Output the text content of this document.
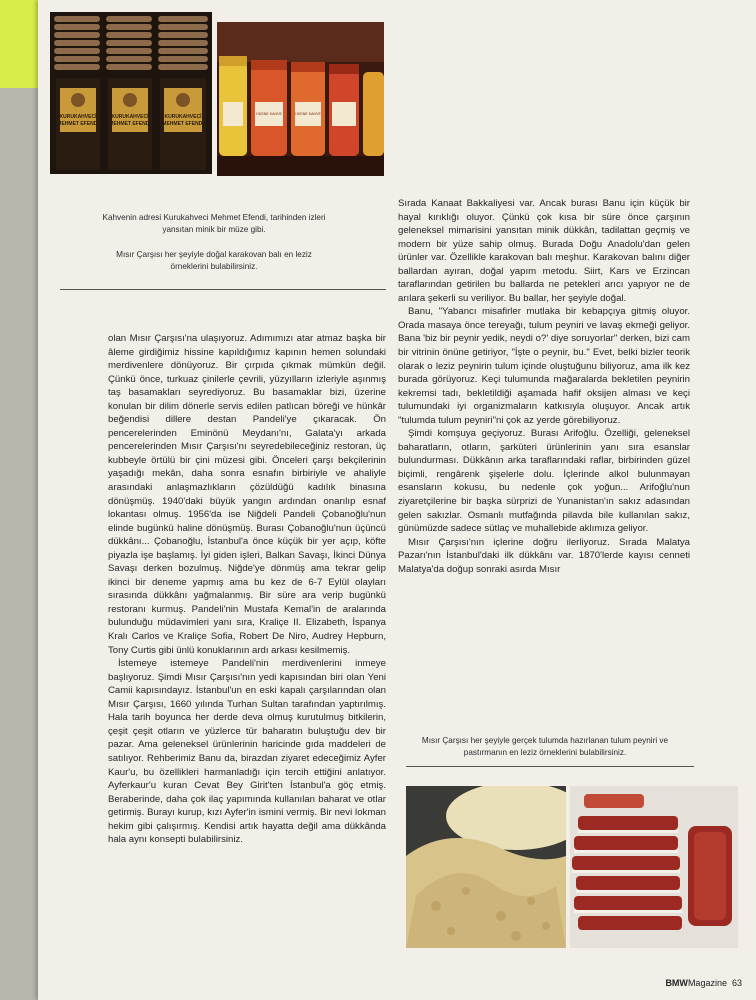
KURUKAHVECİ
MEHMET EFENDİ
KURUKAHVECİ
MEHMET EFENDİ
KURUKAHVECİ
MEHMET EFENDİ
HÜSNE KAHVE	HÜSNE KAHVE
Kahvenin adresi Kurukahveci Mehmet Efendi, tarihinden izleri yansıtan minik bir müze gibi.
Mısır Çarşısı her şeyiyle doğal karakovan balı en leziz örneklerini bulabilirsiniz.

olan Mısır Çarşısı'na ulaşıyoruz. Adımımızı atar atmaz başka bir âleme girdiğimiz hissine kapıldığımız kapının hemen solundaki merdivenlere dönüyoruz. Bir çırpıda çıkmak mümkün değil. Çünkü önce, turkuaz çinilerle çevrili, yüzyılların izleriyle aşınmış taş basamakları seyrediyoruz. Bu basamaklar bizi, üzerine konulan bir dilim dönerle servis edilen patlıcan böreği ve hünkâr beğendisi dillere destan Pandeli'ye çıkaracak. Ön pencerelerinden Eminönü Meydanı'nı, Galata'yı arkada pencerelerinden Mısır Çarşısı'nı seyredebileceğiniz restoran, üç kubbeyle örtülü bir çini müzesi gibi. Önceleri çarşı bekçilerinin yaşadığı mekân, daha sonra esnafın birbiriyle ve ahaliyle arasındaki anlaşmazlıkların çözüldüğü kadılık binasına dönüşmüş. 1940'daki büyük yangın ardından onarılıp esnaf lokantası olmuş. 1956'da ise Niğdeli Pandeli Çobanoğlu'nun elinde bugünkü haline dönüşmüş. Burası Çobanoğlu'nun üçüncü dükkânı... Çobanoğlu, İstanbul'a önce küçük bir yer açıp, köfte piyazla işe başlamış. İyi giden işleri, Balkan Savaşı, İkinci Dünya Savaşı derken bozulmuş. Niğde'ye dönmüş ama tekrar gelip ikinci bir deneme yapmış ama bu kez de 6-7 Eylül olayları sırasında dükkânı yağmalanmış. Bir süre ara verip bugünkü restoranı kurmuş. Pandeli'nin Mustafa Kemal'in de aralarında bulunduğu müdavimleri yanı sıra, Kraliçe II. Elizabeth, İspanya Kralı Carlos ve Kraliçe Sofia, Robert De Niro, Audrey Hepburn, Tony Curtis gibi ünlü konuklarının ardı arkası kesilmemiş.

İstemeye istemeye Pandeli'nin merdivenlerini inmeye başlıyoruz. Şimdi Mısır Çarşısı'nın yedi kapısından biri olan Yeni Camii kapısındayız. İstanbul'un en eski kapalı çarşılarından olan Mısır Çarşısı, 1660 yılında Turhan Sultan tarafından yaptırılmış. Hala tarih boyunca her derde deva olmuş kurutulmuş bitkilerin, çeşit çeşit otların ve yüzlerce tür baharatın buluştuğu dev bir pazar. Ama geleneksel ürünlerinin haricinde gıda maddeleri de satılıyor. Rehberimiz Banu da, birazdan ziyaret edeceğimiz Ayfer Kaur'u, bu özellikleri harmanladığı için tercih ettiğini anlatıyor. Ayferkaur'u kuran Cevat Bey Girit'ten İstanbul'a göç etmiş. Beraberinde, daha çok ilaç yapımında kullanılan baharat ve otlar getirmiş. Burayı kurup, kızı Ayfer'in ismini vermiş. Bir nevi lokman hekim gibi çalışırmış. Kendisi artık hayatta değil ama dükkânda hala aynı konsepti bulabilirsiniz.

Sırada Kanaat Bakkaliyesi var. Ancak burası Banu için küçük bir hayal kırıklığı oluyor. Çünkü çok kısa bir süre önce çarşının geleneksel mimarisini yansıtan minik dükkân, tadilattan geçmiş ve modern bir yüze sahip olmuş. Burada Doğu Anadolu'dan gelen ürünler var. Özellikle karakovan balı meşhur. Karakovan balını diğer ballardan ayıran, doğal yapım metodu. Siirt, Kars ve Erzincan taraflarından getirilen bu ballarda ne petekleri arıcı yapıyor ne de arılara şekerli su veriliyor. Bu ballar, her şeyiyle doğal.

Banu, "Yabancı misafirler mutlaka bir kebapçıya gitmiş oluyor. Orada masaya önce tereyağı, tulum peyniri ve lavaş ekmeği geliyor. Bana 'biz bir peynir yedik, neydi o?' diye soruyorlar" derken, bizi cam bir vitrinin önüne getiriyor, "İşte o peynir, bu." Evet, belki bizler teorik olarak o leziz peynirin tulum içinde oluştuğunu biliyoruz, ama ilk kez burada görüyoruz. Keçi tulumunda mağaralarda bekletilen peynirin kekremsi tadı, bekletildiği aşamada hafif oksijen alması ve keçi tulumundaki iyi organizmaların katkısıyla oluşuyor. Ancak artık "tulumda tulum peyniri"ni çok az yerde görebiliyoruz.

Şimdi komşuya geçiyoruz. Burası Arifoğlu. Özelliği, geleneksel baharatların, otların, şarküteri ürünlerinin yanı sıra esanslar bulundurması. Dükkânın arka taraflarındaki raflar, birbirinden güzel biçimli, rengârenk şişelerle dolu. İçlerinde alkol bulunmayan esansların kokusu, bu nedenle çok yoğun... Arifoğlu'nun ziyaretçilerine bir başka sürprizi de Yunanistan'ın sakız adasından gelen sakızlar. Osmanlı mutfağında pilavda bile kullanılan sakız, günümüzde sadece sütlaç ve muhallebide aklımıza geliyor.

Mısır Çarşısı'nın içlerine doğru ilerliyoruz. Sırada Malatya Pazarı'nın İstanbul'daki ilk dükkânı var. 1870'lerde kayısı cenneti Malatya'da doğup sonraki asırda Mısır

Mısır Çarşısı her şeyiyle gerçek tulumda hazırlanan tulum peyniri ve pastırmanın en leziz örneklerini bulabilirsiniz.
BMWMagazine 63
